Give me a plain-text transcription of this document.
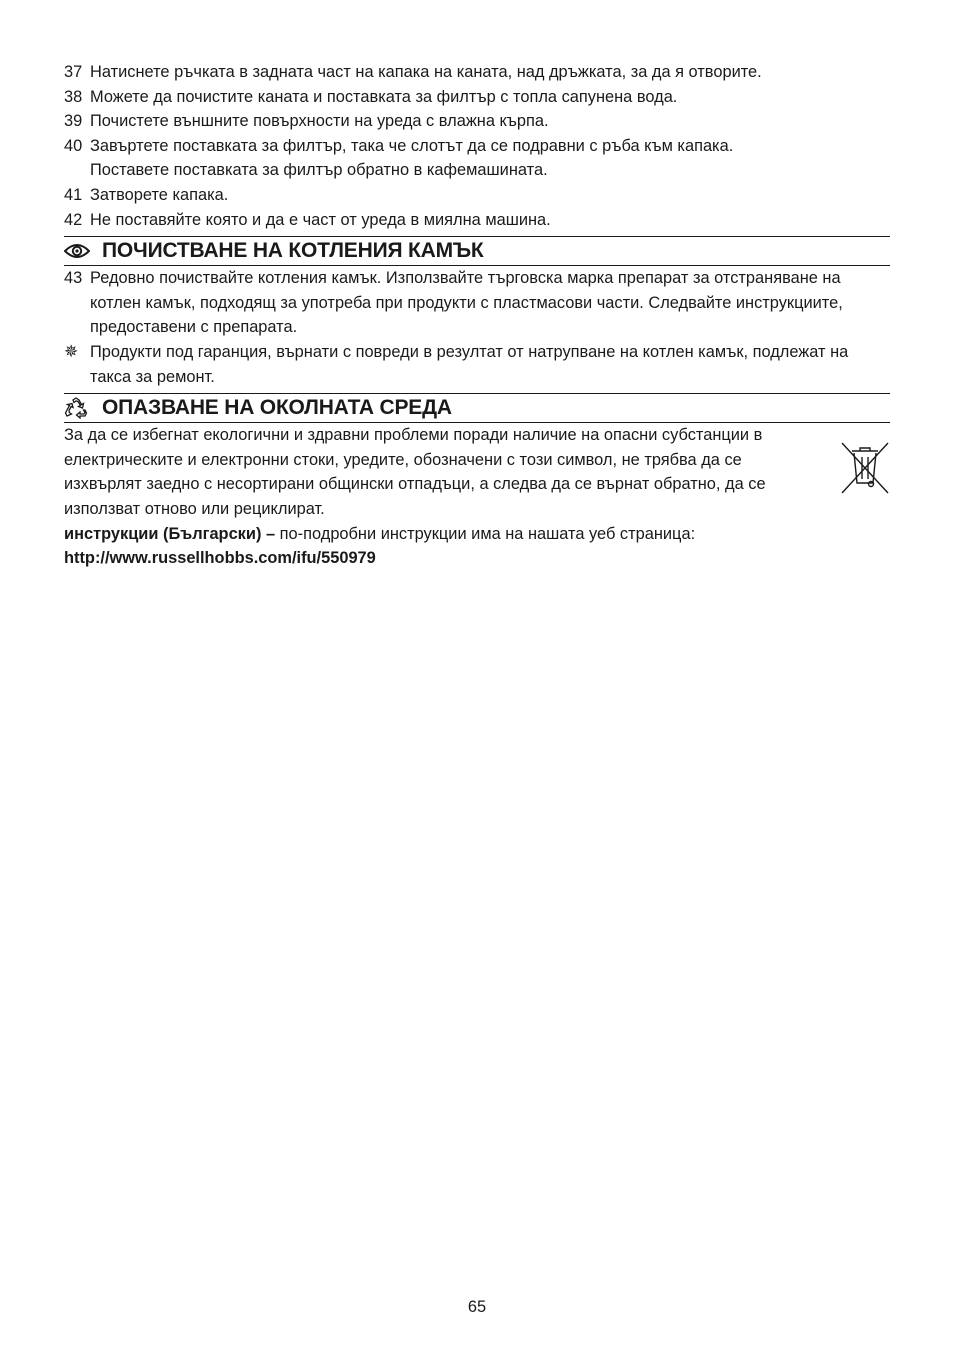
37 Натиснете ръчката в задната част на капака на каната, над дръжката, за да я отворите.
38 Можете да почистите каната и поставката за филтър с топла сапунена вода.
39 Почистете външните повърхности на уреда с влажна кърпа.
40 Завъртете поставката за филтър, така че слотът да се подравни с ръба към капака.
Поставете поставката за филтър обратно в кафемашината.
41 Затворете капака.
42 Не поставяйте която и да е част от уреда в миялна машина.
ПОЧИСТВАНЕ НА КОТЛЕНИЯ КАМЪК
43 Редовно почиствайте котления камък. Използвайте търговска марка препарат за отстраняване на котлен камък, подходящ за употреба при продукти с пластмасови части. Следвайте инструкциите, предоставени с препарата.
✵ Продукти под гаранция, върнати с повреди в резултат от натрупване на котлен камък, подлежат на такса за ремонт.
ОПАЗВАНЕ НА ОКОЛНАТА СРЕДА
За да се избегнат екологични и здравни проблеми поради наличие на опасни субстанции в електрическите и електронни стоки, уредите, обозначени с този символ, не трябва да се изхвърлят заедно с несортирани общински отпадъци, а следва да се върнат обратно, да се използват отново или рециклират.
инструкции (Български) – по-подробни инструкции има на нашата уеб страница:
http://www.russellhobbs.com/ifu/550979
65
